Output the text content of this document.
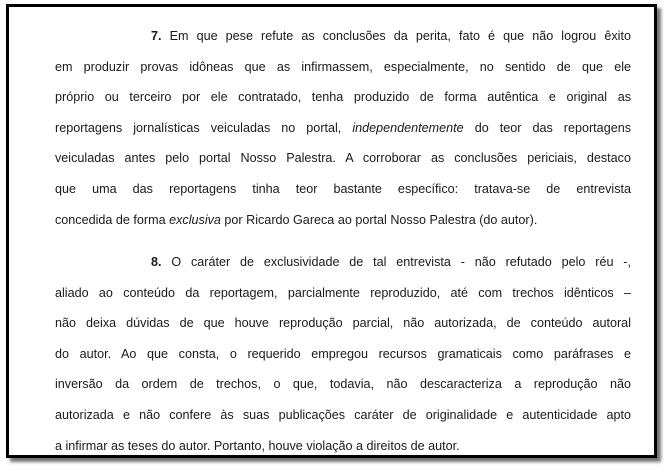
7. Em que pese refute as conclusões da perita, fato é que não logrou êxito
em produzir provas idôneas que as infirmassem, especialmente, no sentido de que ele
próprio ou terceiro por ele contratado, tenha produzido de forma autêntica e original as
reportagens jornalísticas veiculadas no portal, independentemente do teor das reportagens
veiculadas antes pelo portal Nosso Palestra. A corroborar as conclusões periciais, destaco
que uma das reportagens tinha teor bastante específico: tratava-se de entrevista
concedida de forma exclusiva por Ricardo Gareca ao portal Nosso Palestra (do autor).

8. O caráter de exclusividade de tal entrevista - não refutado pelo réu -,
aliado ao conteúdo da reportagem, parcialmente reproduzido, até com trechos idênticos –
não deixa dúvidas de que houve reprodução parcial, não autorizada, de conteúdo autoral
do autor. Ao que consta, o requerido empregou recursos gramaticais como paráfrases e
inversão da ordem de trechos, o que, todavia, não descaracteriza a reprodução não
autorizada e não confere às suas publicações caráter de originalidade e autenticidade apto
a infirmar as teses do autor. Portanto, houve violação a direitos de autor.
